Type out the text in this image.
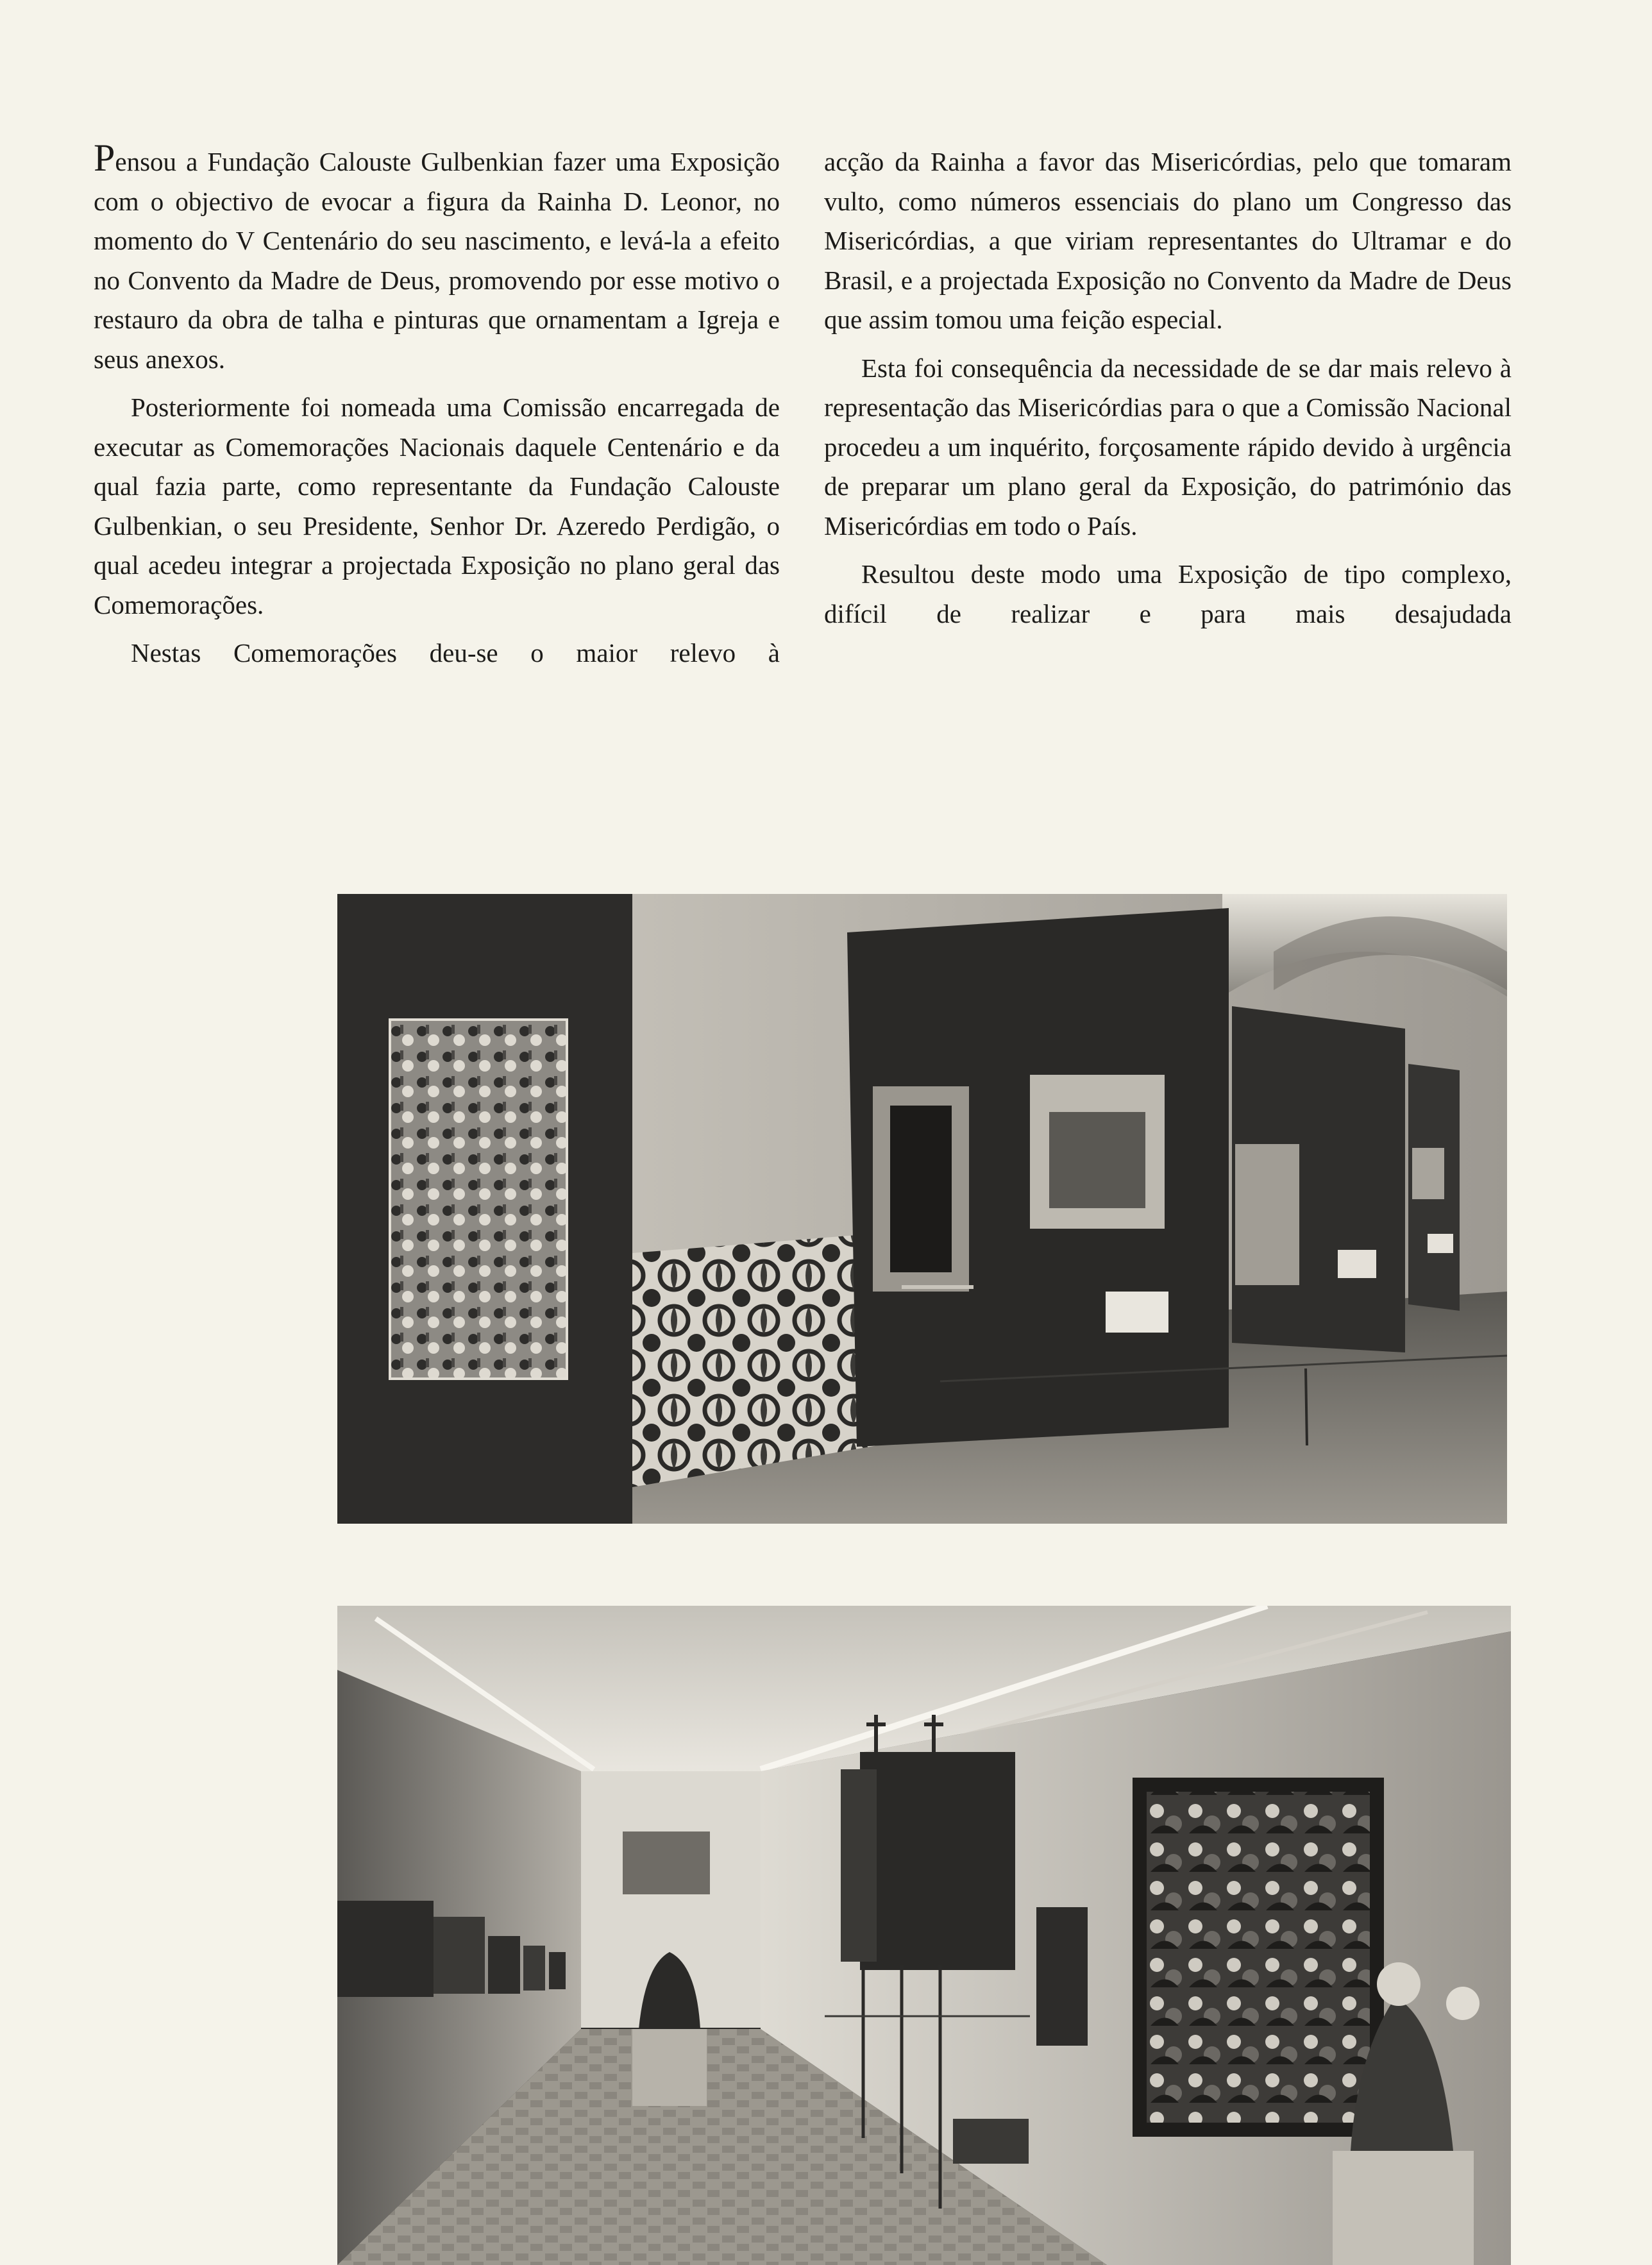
Pensou a Fundação Calouste Gulbenkian fazer uma Exposição com o objectivo de evocar a figura da Rainha D. Leonor, no momento do V Centenário do seu nascimento, e levá-la a efeito no Convento da Madre de Deus, promovendo por esse motivo o restauro da obra de talha e pinturas que ornamentam a Igreja e seus anexos.

Posteriormente foi nomeada uma Comissão encarregada de executar as Comemorações Nacionais daquele Centenário e da qual fazia parte, como representante da Fundação Calouste Gulbenkian, o seu Presidente, Senhor Dr. Azeredo Perdigão, o qual acedeu integrar a projectada Exposição no plano geral das Comemorações.

Nestas Comemorações deu-se o maior relevo à

acção da Rainha a favor das Misericórdias, pelo que tomaram vulto, como números essenciais do plano um Congresso das Misericórdias, a que viriam representantes do Ultramar e do Brasil, e a projectada Exposição no Convento da Madre de Deus que assim tomou uma feição especial.

Esta foi consequência da necessidade de se dar mais relevo à representação das Misericórdias para o que a Comissão Nacional procedeu a um inquérito, forçosamente rápido devido à urgência de preparar um plano geral da Exposição, do património das Misericórdias em todo o País.

Resultou deste modo uma Exposição de tipo complexo, difícil de realizar e para mais desajudada
